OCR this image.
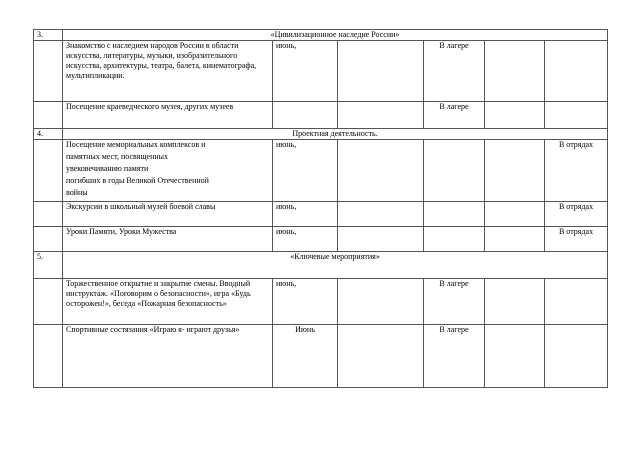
3.	«Цивилизационное наследие России»					
	Знакомство с наследием народов России в области искусства, литературы, музыки, изобразительного искусства, архитектуры, театра, балета, кинематографа, мультипликации.	июнь,		В лагере		
	Посещение краеведческого музея, других музеев			В лагере		
4.	Проектная деятельность.					

	Посещение мемориальных комплексов и
памятных мест, посвященных
увековечиванию памяти
погибших в годы Великой Отечественной
войны	июнь,				В отрядах
	Экскурсии в школьный музей боевой славы	июнь,				В отрядах
	Уроки Памяти, Уроки Мужества	июнь,				В отрядах
5.	«Ключевые мероприятия»					
	Торжественное открытие и закрытие смены. Вводный инструктаж. «Поговорим о безопасности», игра «Будь осторожен!», беседа «Пожарная безопасность»	июнь,		В лагере		
	Спортивные состязания «Играю я- играют друзья»	Июнь		В лагере		
